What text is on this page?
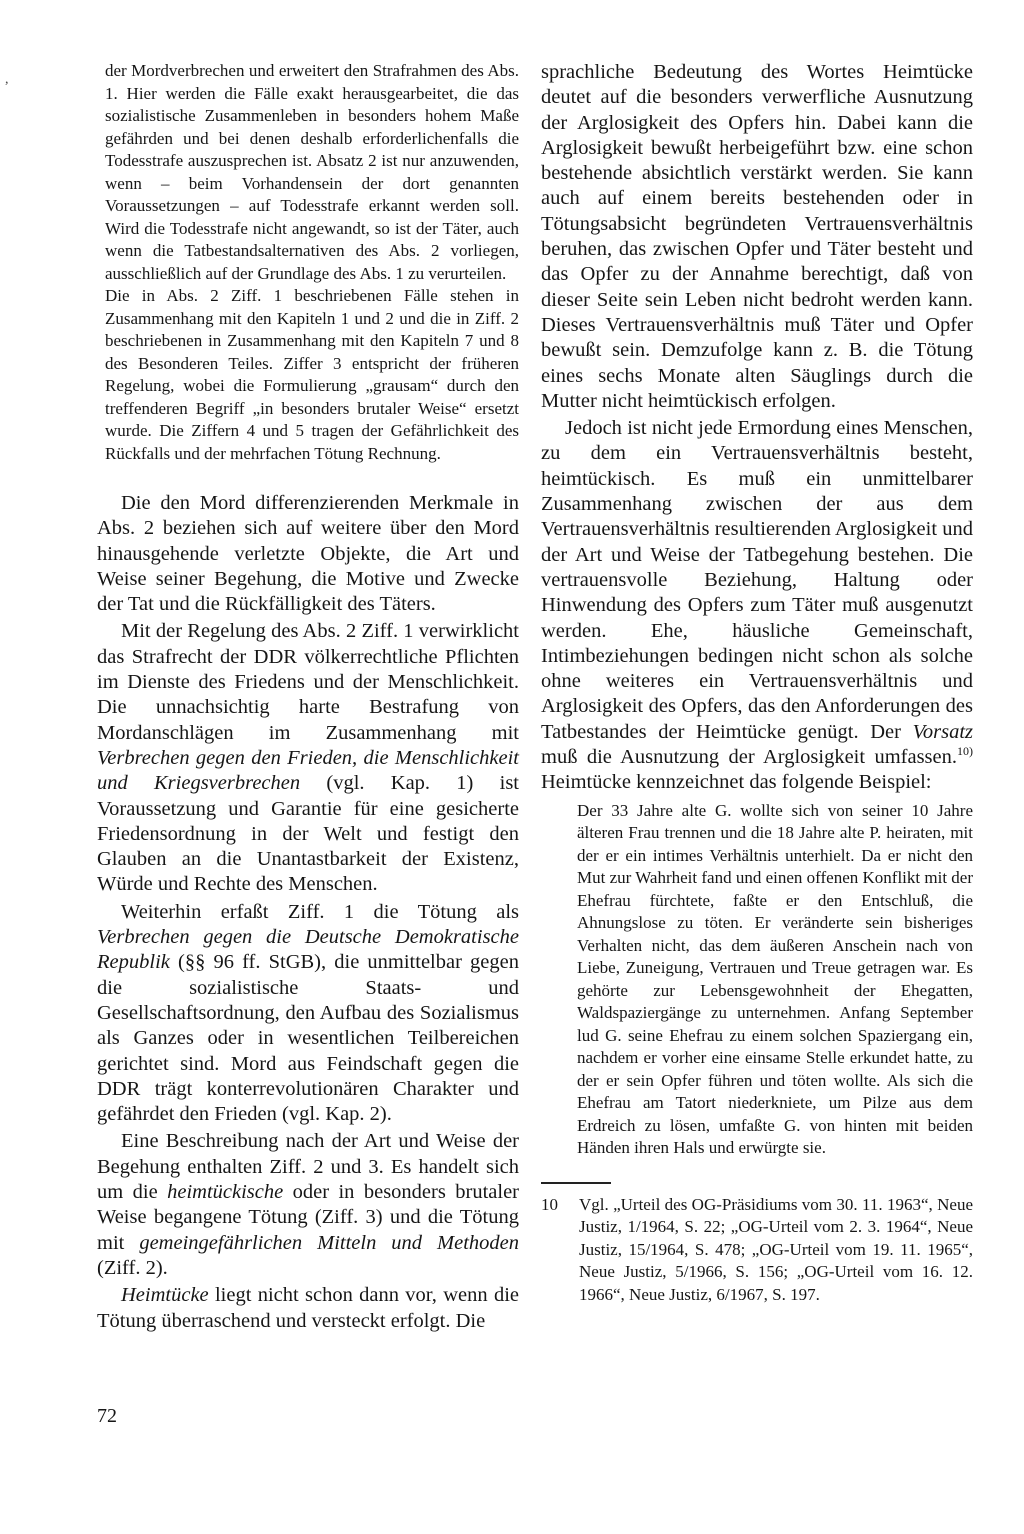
,	der Mordverbrechen und erweitert den Strafrahmen des Abs. 1. Hier werden die Fälle exakt herausgearbeitet, die das sozialistische Zusammenleben in besonders hohem Maße gefährden und bei denen deshalb erforderlichenfalls die Todesstrafe auszusprechen ist. Absatz 2 ist nur anzuwenden, wenn – beim Vorhandensein der dort genannten Voraussetzungen – auf Todesstrafe erkannt werden soll. Wird die Todesstrafe nicht angewandt, so ist der Täter, auch wenn die Tatbestandsalternativen des Abs. 2 vorliegen, ausschließlich auf der Grundlage des Abs. 1 zu verurteilen.

Die in Abs. 2 Ziff. 1 beschriebenen Fälle stehen in Zusammenhang mit den Kapiteln 1 und 2 und die in Ziff. 2 beschriebenen in Zusammenhang mit den Kapiteln 7 und 8 des Besonderen Teiles. Ziffer 3 entspricht der früheren Regelung, wobei die Formulierung „grausam“ durch den treffenderen Begriff „in besonders brutaler Weise“ ersetzt wurde. Die Ziffern 4 und 5 tragen der Gefährlichkeit des Rückfalls und der mehrfachen Tötung Rechnung.

Die den Mord differenzierenden Merkmale in Abs. 2 beziehen sich auf weitere über den Mord hinausgehende verletzte Objekte, die Art und Weise seiner Begehung, die Motive und Zwecke der Tat und die Rückfälligkeit des Täters.

Mit der Regelung des Abs. 2 Ziff. 1 verwirklicht das Strafrecht der DDR völkerrechtliche Pflichten im Dienste des Friedens und der Menschlichkeit. Die unnachsichtig harte Bestrafung von Mordanschlägen im Zusammenhang mit Verbrechen gegen den Frieden, die Menschlichkeit und Kriegsverbrechen (vgl. Kap. 1) ist Voraussetzung und Garantie für eine gesicherte Friedensordnung in der Welt und festigt den Glauben an die Unantastbarkeit der Existenz, Würde und Rechte des Menschen.

Weiterhin erfaßt Ziff. 1 die Tötung als Verbrechen gegen die Deutsche Demokratische Republik (§§ 96 ff. StGB), die unmittelbar gegen die sozialistische Staats- und Gesellschaftsordnung, den Aufbau des Sozialismus als Ganzes oder in wesentlichen Teilbereichen gerichtet sind. Mord aus Feindschaft gegen die DDR trägt konterrevolutionären Charakter und gefährdet den Frieden (vgl. Kap. 2).

Eine Beschreibung nach der Art und Weise der Begehung enthalten Ziff. 2 und 3. Es handelt sich um die heimtückische oder in besonders brutaler Weise begangene Tötung (Ziff. 3) und die Tötung mit gemeingefährlichen Mitteln und Methoden (Ziff. 2).

Heimtücke liegt nicht schon dann vor, wenn die Tötung überraschend und versteckt erfolgt. Die

sprachliche Bedeutung des Wortes Heimtücke deutet auf die besonders verwerfliche Ausnutzung der Arglosigkeit des Opfers hin. Dabei kann die Arglosigkeit bewußt herbeigeführt bzw. eine schon bestehende absichtlich verstärkt werden. Sie kann auch auf einem bereits bestehenden oder in Tötungsabsicht begründeten Vertrauensverhältnis beruhen, das zwischen Opfer und Täter besteht und das Opfer zu der Annahme berechtigt, daß von dieser Seite sein Leben nicht bedroht werden kann. Dieses Vertrauensverhältnis muß Täter und Opfer bewußt sein. Demzufolge kann z. B. die Tötung eines sechs Monate alten Säuglings durch die Mutter nicht heimtückisch erfolgen.

Jedoch ist nicht jede Ermordung eines Menschen, zu dem ein Vertrauensverhältnis besteht, heimtückisch. Es muß ein unmittelbarer Zusammenhang zwischen der aus dem Vertrauensverhältnis resultierenden Arglosigkeit und der Art und Weise der Tatbegehung bestehen. Die vertrauensvolle Beziehung, Haltung oder Hinwendung des Opfers zum Täter muß ausgenutzt werden. Ehe, häusliche Gemeinschaft, Intimbeziehungen bedingen nicht schon als solche ohne weiteres ein Vertrauensverhältnis und Arglosigkeit des Opfers, das den Anforderungen des Tatbestandes der Heimtücke genügt. Der Vorsatz muß die Ausnutzung der Arglosigkeit umfassen.$^{10)}$ Heimtücke kennzeichnet das folgende Beispiel:

Der 33 Jahre alte G. wollte sich von seiner 10 Jahre älteren Frau trennen und die 18 Jahre alte P. heiraten, mit der er ein intimes Verhältnis unterhielt. Da er nicht den Mut zur Wahrheit fand und einen offenen Konflikt mit der Ehefrau fürchtete, faßte er den Entschluß, die Ahnungslose zu töten. Er veränderte sein bisheriges Verhalten nicht, das dem äußeren Anschein nach von Liebe, Zuneigung, Vertrauen und Treue getragen war. Es gehörte zur Lebensgewohnheit der Ehegatten, Waldspaziergänge zu unternehmen. Anfang September lud G. seine Ehefrau zu einem solchen Spaziergang ein, nachdem er vorher eine einsame Stelle erkundet hatte, zu der er sein Opfer führen und töten wollte. Als sich die Ehefrau am Tatort niederkniete, um Pilze aus dem Erdreich zu lösen, umfaßte G. von hinten mit beiden Händen ihren Hals und erwürgte sie.
10	Vgl. „Urteil des OG-Präsidiums vom 30. 11. 1963“, Neue Justiz, 1/1964, S. 22; „OG-Urteil vom 2. 3. 1964“, Neue Justiz, 15/1964, S. 478; „OG-Urteil vom 19. 11. 1965“, Neue Justiz, 5/1966, S. 156; „OG-Urteil vom 16. 12. 1966“, Neue Justiz, 6/1967, S. 197.
72
